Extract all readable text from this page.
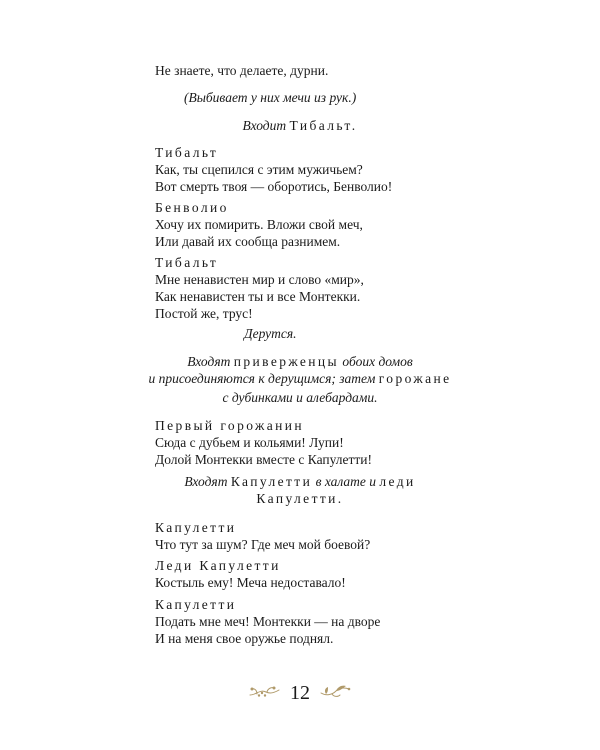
Не знаете, что делаете, дурни.
(Выбивает у них мечи из рук.)
Входит Тибальт.
Тибальт
Как, ты сцепился с этим мужичьем?
Вот смерть твоя — оборотись, Бенволио!
Бенволио
Хочу их помирить. Вложи свой меч,
Или давай их сообща разнимем.
Тибальт
Мне ненавистен мир и слово «мир»,
Как ненавистен ты и все Монтекки.
Постой же, трус!
Дерутся.
Входят приверженцы обоих домов
и присоединяются к дерущимся; затем горожане
с дубинками и алебардами.
Первый горожанин
Сюда с дубьем и кольями! Лупи!
Долой Монтекки вместе с Капулетти!
Входят Капулетти в халате и леди
Капулетти.
Капулетти
Что тут за шум? Где меч мой боевой?
Леди Капулетти
Костыль ему! Меча недоставало!
Капулетти
Подать мне меч! Монтекки — на дворе
И на меня свое оружье поднял.
12
